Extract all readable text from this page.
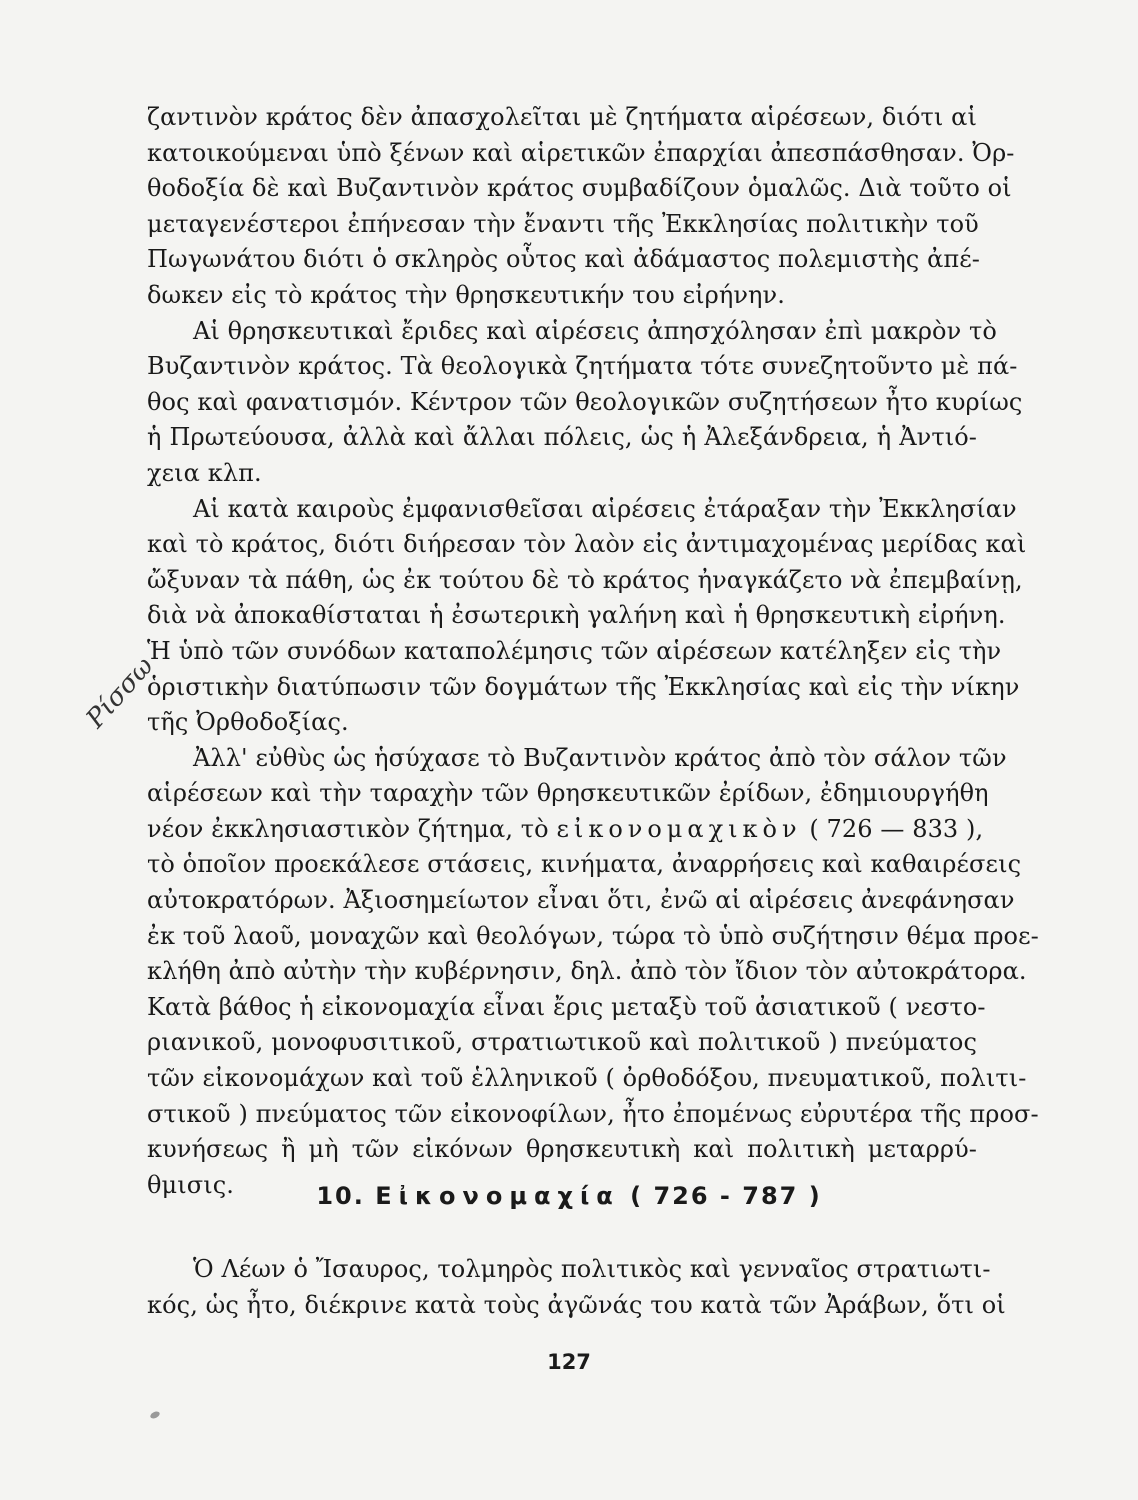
ζαντινὸν κράτος δὲν ἀπασχολεῖται μὲ ζητήματα αἱρέσεων, διότι αἱ
κατοικούμεναι ὑπὸ ξένων καὶ αἱρετικῶν ἐπαρχίαι ἀπεσπάσθησαν. Ὀρ-
θοδοξία δὲ καὶ Βυζαντινὸν κράτος συμβαδίζουν ὁμαλῶς. Διὰ τοῦτο οἱ
μεταγενέστεροι ἐπήνεσαν τὴν ἔναντι τῆς Ἐκκλησίας πολιτικὴν τοῦ
Πωγωνάτου διότι ὁ σκληρὸς οὗτος καὶ ἀδάμαστος πολεμιστὴς ἀπέ-
δωκεν εἰς τὸ κράτος τὴν θρησκευτικήν του εἰρήνην.
Αἱ θρησκευτικαὶ ἔριδες καὶ αἱρέσεις ἀπησχόλησαν ἐπὶ μακρὸν τὸ
Βυζαντινὸν κράτος. Τὰ θεολογικὰ ζητήματα τότε συνεζητοῦντο μὲ πά-
θος καὶ φανατισμόν. Κέντρον τῶν θεολογικῶν συζητήσεων ἦτο κυρίως
ἡ Πρωτεύουσα, ἀλλὰ καὶ ἄλλαι πόλεις, ὡς ἡ Ἀλεξάνδρεια, ἡ Ἀντιό-
χεια κλπ.
Αἱ κατὰ καιροὺς ἐμφανισθεῖσαι αἱρέσεις ἐτάραξαν τὴν Ἐκκλησίαν
καὶ τὸ κράτος, διότι διήρεσαν τὸν λαὸν εἰς ἀντιμαχομένας μερίδας καὶ
ὤξυναν τὰ πάθη, ὡς ἐκ τούτου δὲ τὸ κράτος ἠναγκάζετο νὰ ἐπεμβαίνῃ,
διὰ νὰ ἀποκαθίσταται ἡ ἐσωτερικὴ γαλήνη καὶ ἡ θρησκευτικὴ εἰρήνη.
Ἡ ὑπὸ τῶν συνόδων καταπολέμησις τῶν αἱρέσεων κατέληξεν εἰς τὴν
ὁριστικὴν διατύπωσιν τῶν δογμάτων τῆς Ἐκκλησίας καὶ εἰς τὴν νίκην
τῆς Ὀρθοδοξίας.
Ἀλλ' εὐθὺς ὡς ἡσύχασε τὸ Βυζαντινὸν κράτος ἀπὸ τὸν σάλον τῶν
αἱρέσεων καὶ τὴν ταραχὴν τῶν θρησκευτικῶν ἐρίδων, ἐδημιουργήθη
νέον ἐκκλησιαστικὸν ζήτημα, τὸ εἰκονομαχικὸν ( 726 — 833 ),
τὸ ὁποῖον προεκάλεσε στάσεις, κινήματα, ἀναρρήσεις καὶ καθαιρέσεις
αὐτοκρατόρων. Ἀξιοσημείωτον εἶναι ὅτι, ἐνῶ αἱ αἱρέσεις ἀνεφάνησαν
ἐκ τοῦ λαοῦ, μοναχῶν καὶ θεολόγων, τώρα τὸ ὑπὸ συζήτησιν θέμα προε-
κλήθη ἀπὸ αὐτὴν τὴν κυβέρνησιν, δηλ. ἀπὸ τὸν ἴδιον τὸν αὐτοκράτορα.
Κατὰ βάθος ἡ εἰκονομαχία εἶναι ἔρις μεταξὺ τοῦ ἀσιατικοῦ ( νεστο-
ριανικοῦ, μονοφυσιτικοῦ, στρατιωτικοῦ καὶ πολιτικοῦ ) πνεύματος
τῶν εἰκονομάχων καὶ τοῦ ἑλληνικοῦ ( ὀρθοδόξου, πνευματικοῦ, πολιτι-
στικοῦ ) πνεύματος τῶν εἰκονοφίλων, ἦτο ἐπομένως εὐρυτέρα τῆς προσ-
κυνήσεως ἢ μὴ τῶν εἰκόνων θρησκευτικὴ καὶ πολιτικὴ μεταρρύ-
θμισις.	10. Εἰκονομαχία ( 726 - 787 )
Ὁ Λέων ὁ Ἴσαυρος, τολμηρὸς πολιτικὸς καὶ γενναῖος στρατιωτι-
κός, ὡς ἦτο, διέκρινε κατὰ τοὺς ἀγῶνάς του κατὰ τῶν Ἀράβων, ὅτι οἱ
Ρίσσω
127
